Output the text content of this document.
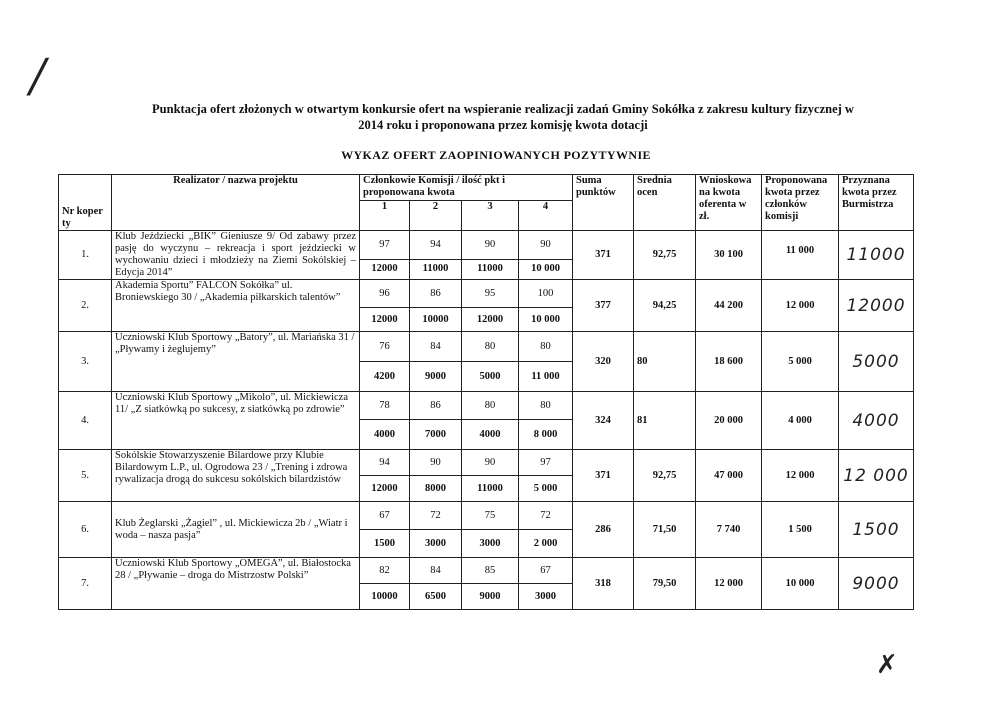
/
Punktacja ofert złożonych w otwartym konkursie ofert na wspieranie realizacji zadań Gminy Sokółka z zakresu kultury fizycznej w
2014 roku i proponowana przez komisję kwota dotacji
WYKAZ OFERT ZAOPINIOWANYCH POZYTYWNIE
Nr koper ty	Realizator / nazwa projektu	Członkowie Komisji / ilość pkt i proponowana kwota				Suma punktów	Średnia ocen	Wnioskowa na kwota oferenta w zł.	Proponowana kwota przez członków komisji	Przyznana kwota przez Burmistrza
		1	2	3	4					
1.	Klub Jeździecki „BIK” Gieniusze 9/ Od zabawy przez pasję do wyczynu – rekreacja i sport jeździecki w wychowaniu dzieci i młodzieży na Ziemi Sokólskiej – Edycja 2014”	97	94	90	90	371	92,75	30 100	11 000	11000
		12000	11000	11000	10 000					
2.	Akademia Sportu” FALCON Sokółka” ul. Broniewskiego 30 / „Akademia piłkarskich talentów”	96	86	95	100	377	94,25	44 200	12 000	12000
		12000	10000	12000	10 000					
3.	Uczniowski Klub Sportowy „Batory”, ul. Mariańska 31 / „Pływamy i żeglujemy”	76	84	80	80	320	80	18 600	5 000	5000
		4200	9000	5000	11 000					
4.	Uczniowski Klub Sportowy „Mikolo”, ul. Mickiewicza 11/ „Z siatkówką po sukcesy, z siatkówką po zdrowie”	78	86	80	80	324	81	20 000	4 000	4000
		4000	7000	4000	8 000					
5.	Sokólskie Stowarzyszenie Bilardowe przy Klubie Bilardowym L.P., ul. Ogrodowa 23 / „Trening i zdrowa rywalizacja drogą do sukcesu sokólskich bilardzistów	94	90	90	97	371	92,75	47 000	12 000	12 000
		12000	8000	11000	5 000					
6.	Klub Żeglarski „Żagiel” , ul. Mickiewicza 2b / „Wiatr i woda – nasza pasja”	67	72	75	72	286	71,50	7 740	1 500	1500
		1500	3000	3000	2 000					
7.	Uczniowski Klub Sportowy „OMEGA”, ul. Białostocka 28 / „Pływanie – droga do Mistrzostw Polski”	82	84	85	67	318	79,50	12 000	10 000	9000
		10000	6500	9000	3000					
✗
